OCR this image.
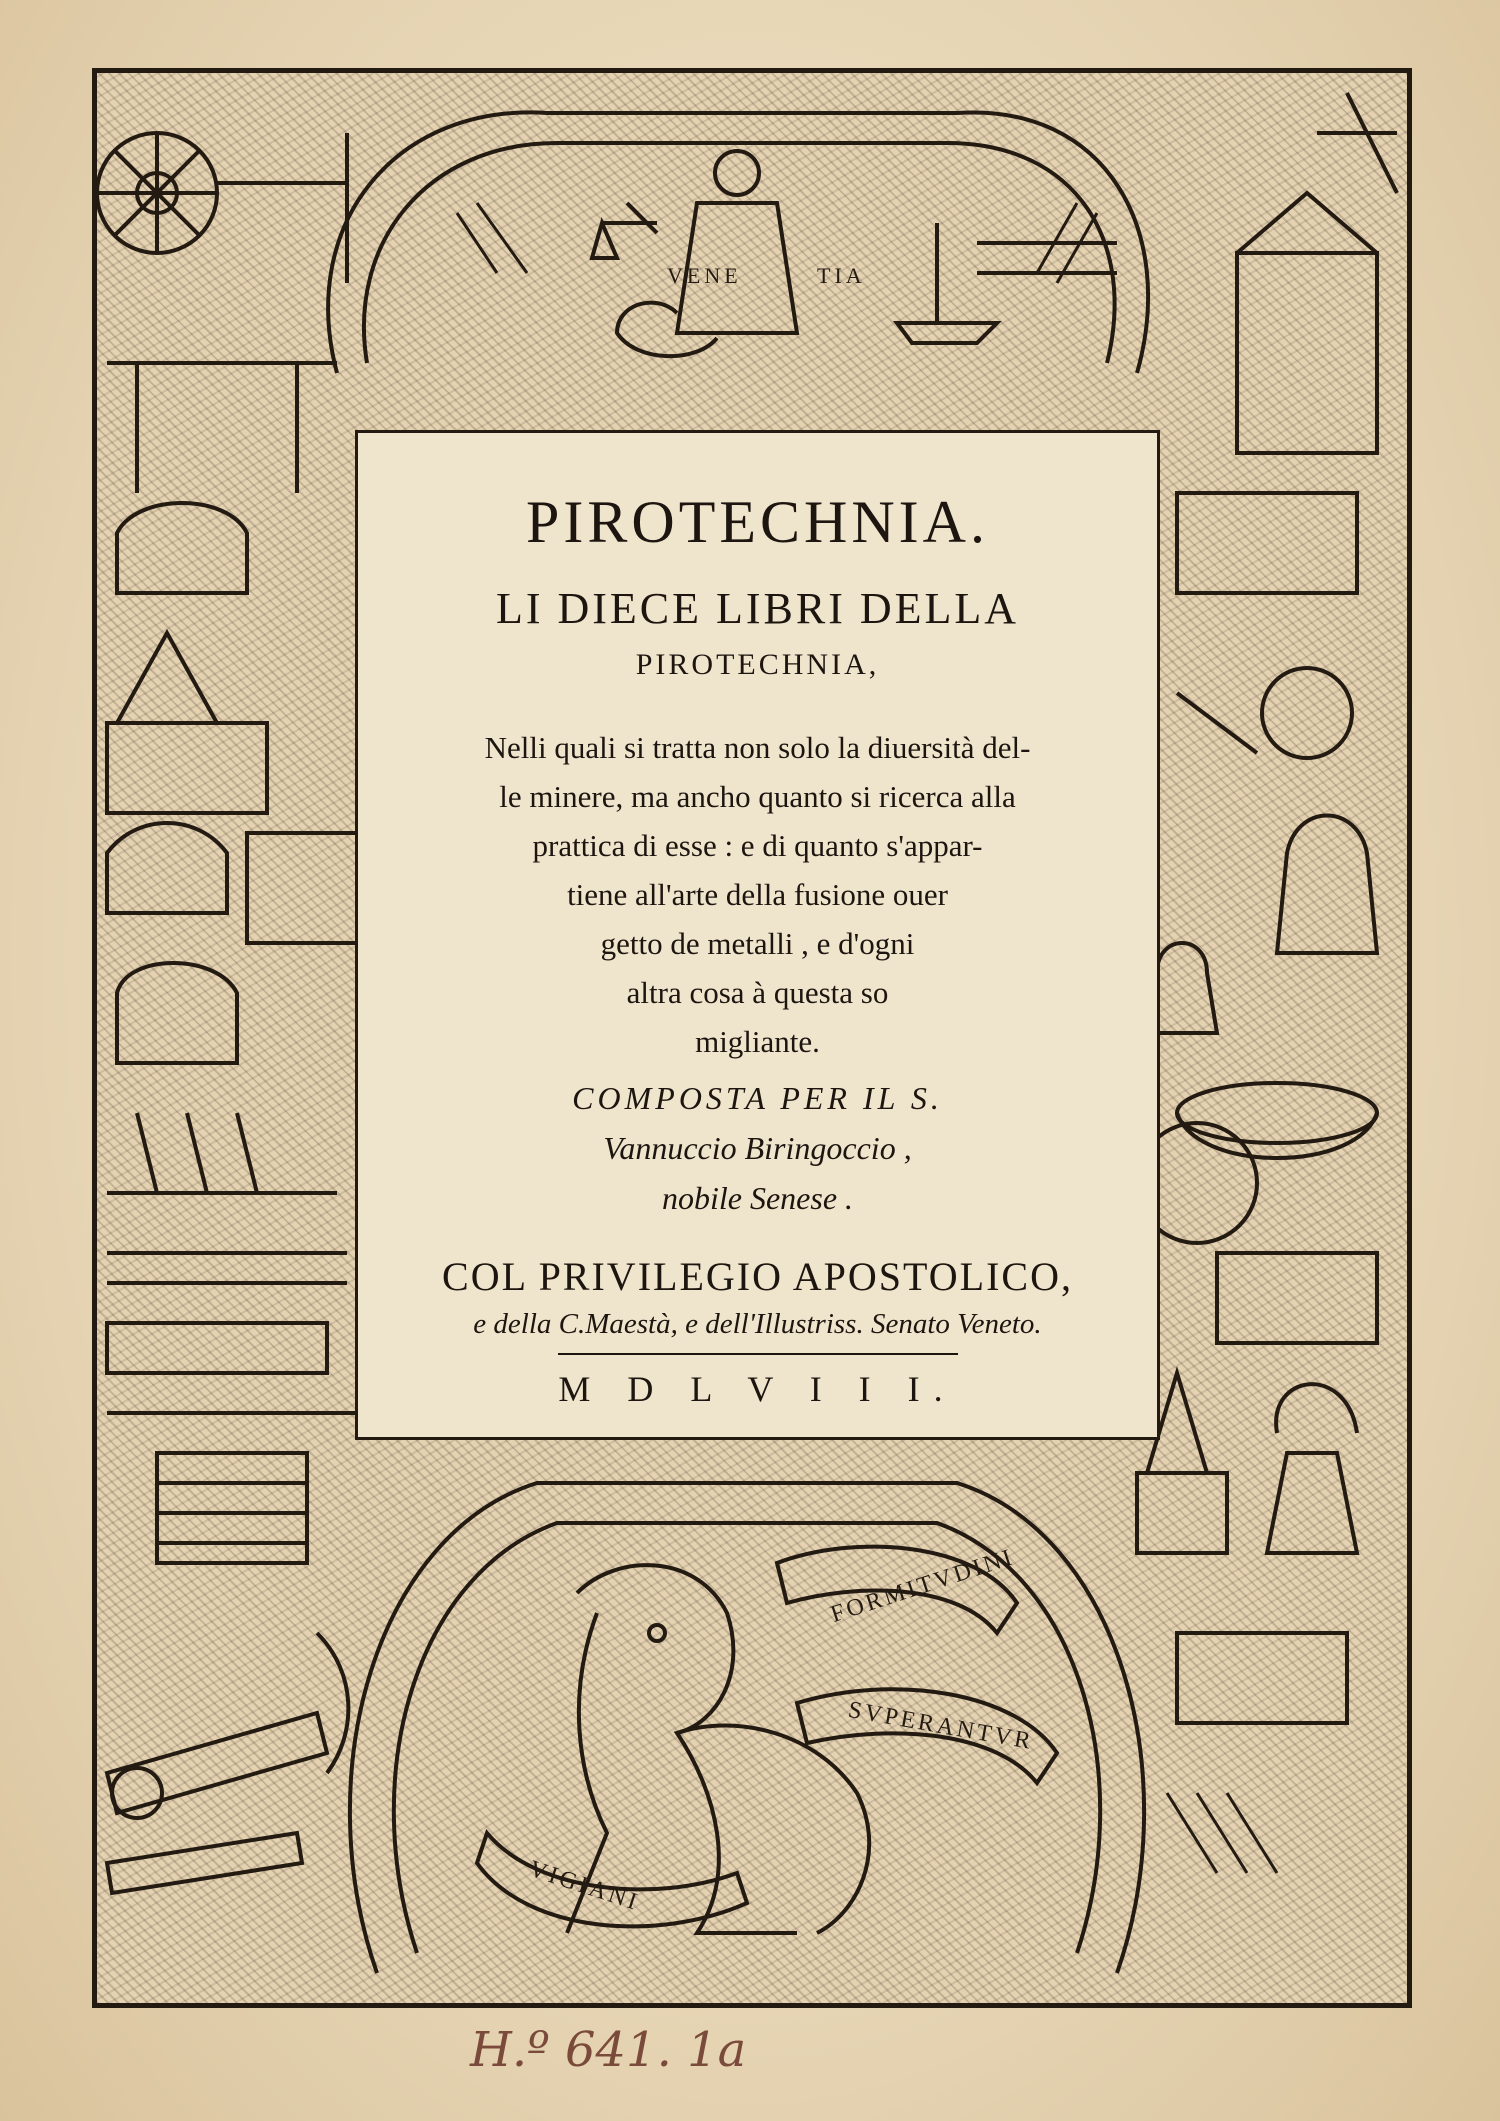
VENE	TIA
FORMITVDINI
SVPERANTVR
VIGIANI
PIROTECHNIA.
LI DIECE LIBRI DELLA
PIROTECHNIA,
Nelli quali si tratta non solo la diuersità del-
le minere, ma ancho quanto si ricerca alla
prattica di esse : e di quanto s'appar-
tiene all'arte della fusione ouer
getto de metalli , e d'ogni
altra cosa à questa so
migliante.
COMPOSTA PER IL S.
Vannuccio Biringoccio ,
nobile Senese .
COL PRIVILEGIO APOSTOLICO,
e della C.Maestà, e dell'Illustriss. Senato Veneto.
M D L V I I I.
H.º 641. 1a
